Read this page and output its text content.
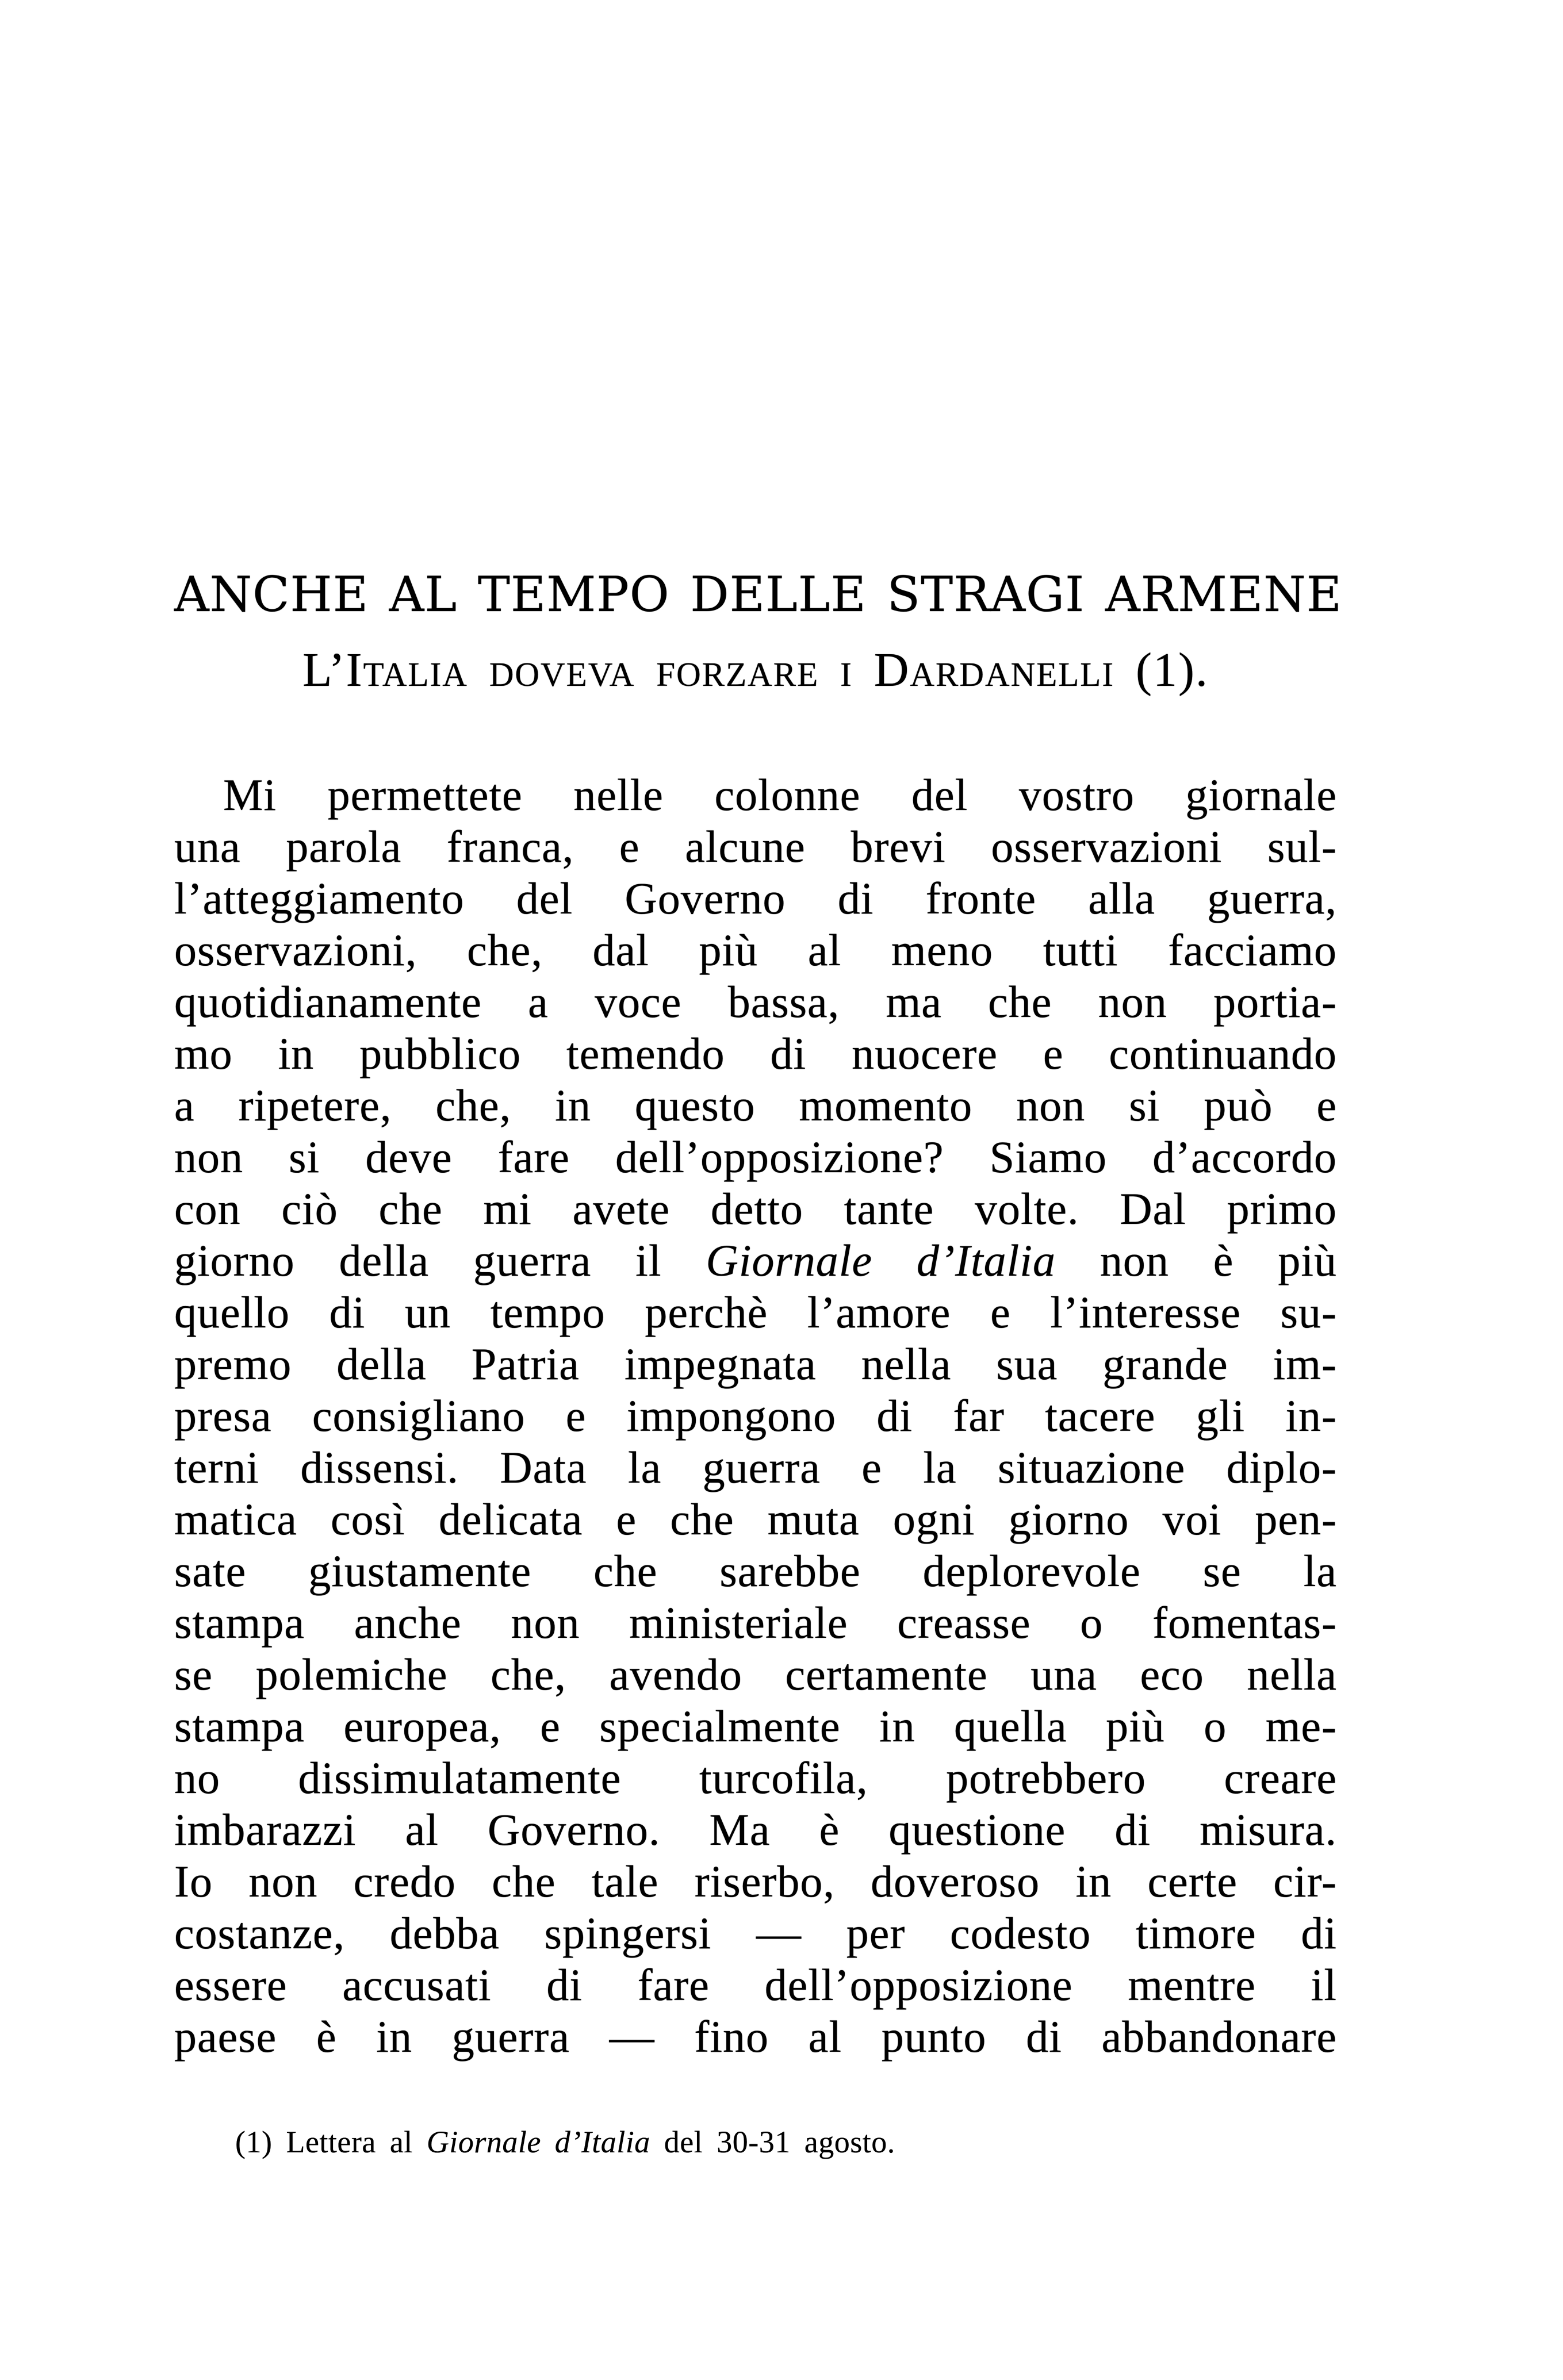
ANCHE AL TEMPO DELLE STRAGI ARMENE
L’Italia doveva forzare i Dardanelli (1).
Mi permettete nelle colonne del vostro giornale
una parola franca, e alcune brevi osservazioni sul-
l’atteggiamento del Governo di fronte alla guerra,
osservazioni, che, dal più al meno tutti facciamo
quotidianamente a voce bassa, ma che non portia-
mo in pubblico temendo di nuocere e continuando
a ripetere, che, in questo momento non si può e
non si deve fare dell’opposizione? Siamo d’accordo
con ciò che mi avete detto tante volte. Dal primo
giorno della guerra il Giornale d’Italia non è più
quello di un tempo perchè l’amore e l’interesse su-
premo della Patria impegnata nella sua grande im-
presa consigliano e impongono di far tacere gli in-
terni dissensi. Data la guerra e la situazione diplo-
matica così delicata e che muta ogni giorno voi pen-
sate giustamente che sarebbe deplorevole se la
stampa anche non ministeriale creasse o fomentas-
se polemiche che, avendo certamente una eco nella
stampa europea, e specialmente in quella più o me-
no dissimulatamente turcofila, potrebbero creare
imbarazzi al Governo. Ma è questione di misura.
Io non credo che tale riserbo, doveroso in certe cir-
costanze, debba spingersi — per codesto timore di
essere accusati di fare dell’opposizione mentre il
paese è in guerra — fino al punto di abbandonare
(1) Lettera al Giornale d’Italia del 30-31 agosto.
